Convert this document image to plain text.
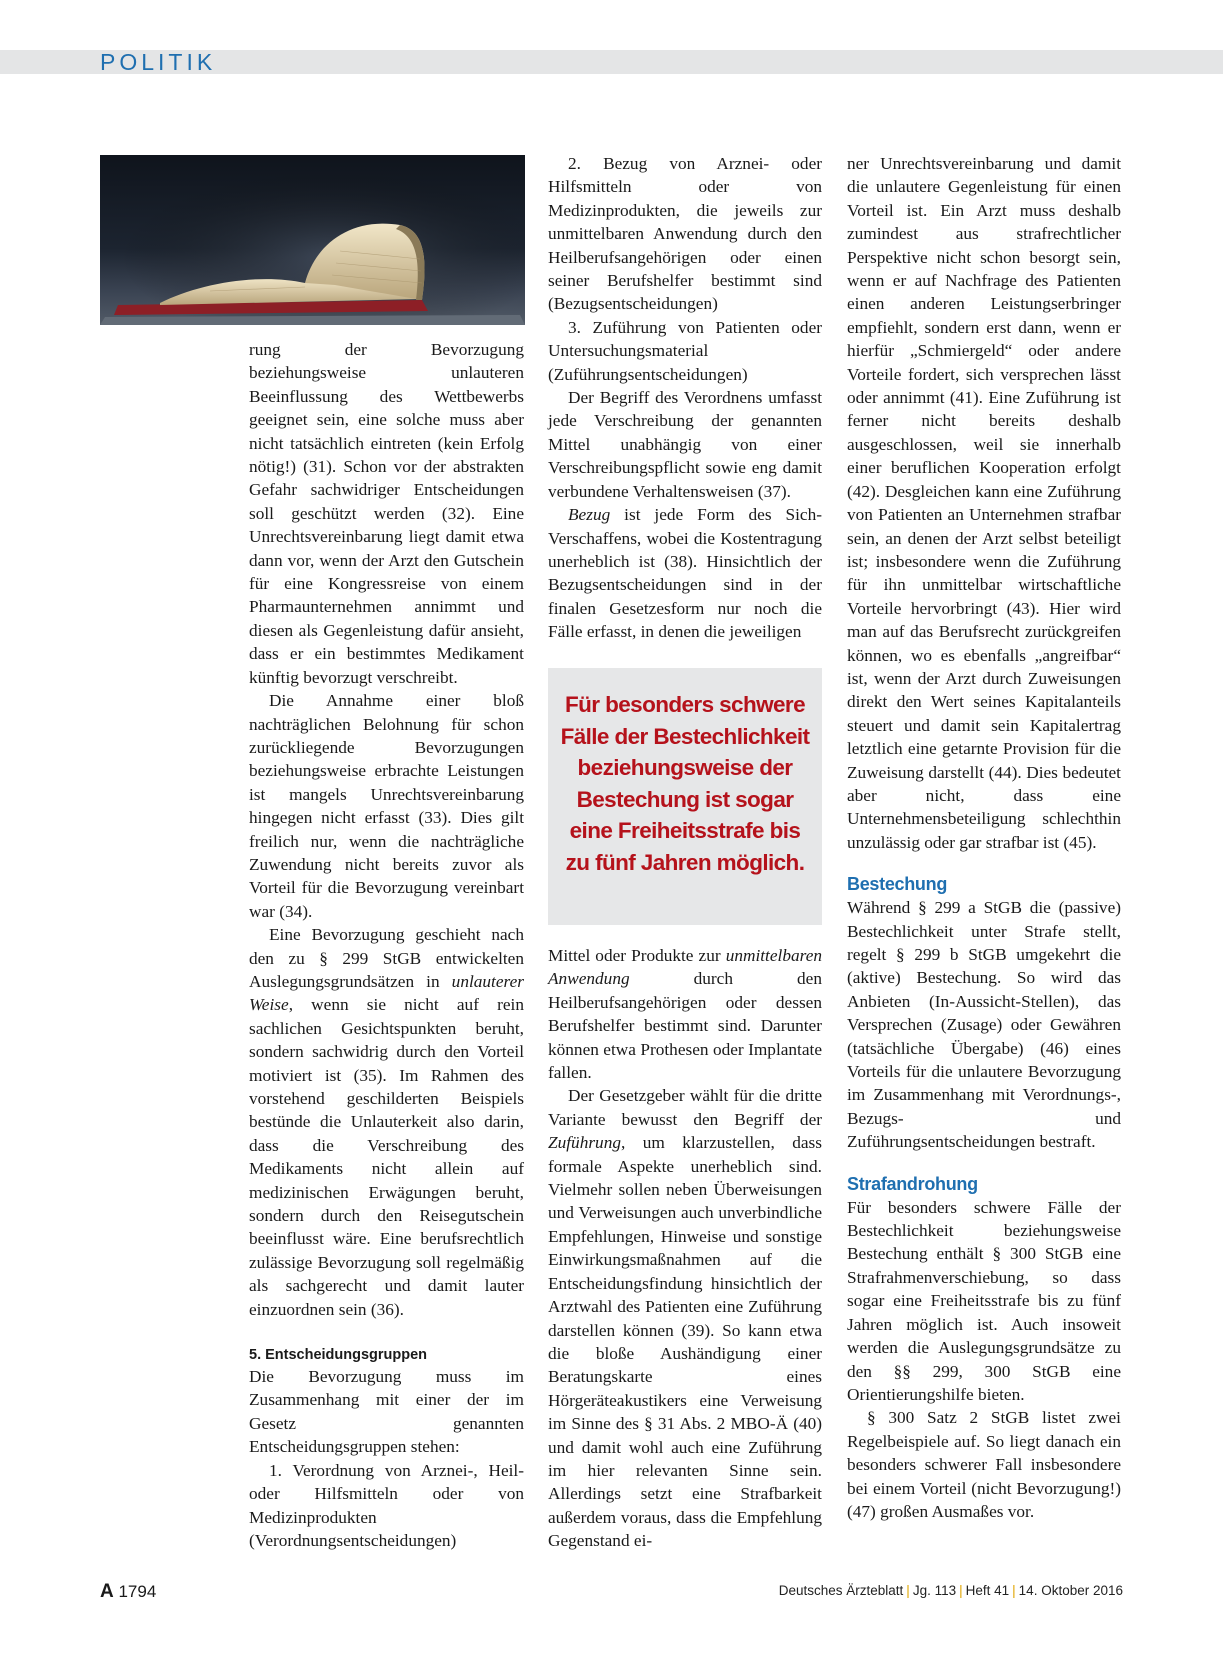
POLITIK

rung der Bevorzugung beziehungsweise unlauteren Beeinflussung des Wettbewerbs geeignet sein, eine solche muss aber nicht tatsächlich eintreten (kein Erfolg nötig!) (31). Schon vor der abstrakten Gefahr sachwidriger Entscheidungen soll geschützt werden (32). Eine Unrechtsvereinbarung liegt damit etwa dann vor, wenn der Arzt den Gutschein für eine Kongressreise von einem Pharmaunternehmen annimmt und diesen als Gegenleistung dafür ansieht, dass er ein bestimmtes Medikament künftig bevorzugt verschreibt.

Die Annahme einer bloß nachträglichen Belohnung für schon zurückliegende Bevorzugungen beziehungsweise erbrachte Leistungen ist mangels Unrechtsvereinbarung hingegen nicht erfasst (33). Dies gilt freilich nur, wenn die nachträgliche Zuwendung nicht bereits zuvor als Vorteil für die Bevorzugung vereinbart war (34).

Eine Bevorzugung geschieht nach den zu § 299 StGB entwickelten Auslegungsgrundsätzen in unlauterer Weise, wenn sie nicht auf rein sachlichen Gesichtspunkten beruht, sondern sachwidrig durch den Vorteil motiviert ist (35). Im Rahmen des vorstehend geschilderten Beispiels bestünde die Unlauterkeit also darin, dass die Verschreibung des Medikaments nicht allein auf medizinischen Erwägungen beruht, sondern durch den Reisegutschein beeinflusst wäre. Eine berufsrechtlich zulässige Bevorzugung soll regelmäßig als sachgerecht und damit lauter einzuordnen sein (36).

5. Entscheidungsgruppen

Die Bevorzugung muss im Zusammenhang mit einer der im Gesetz genannten Entscheidungsgruppen stehen:

1. Verordnung von Arznei-, Heil- oder Hilfsmitteln oder von Medizinprodukten (Verordnungsentscheidungen)

2. Bezug von Arznei- oder Hilfsmitteln oder von Medizinprodukten, die jeweils zur unmittelbaren Anwendung durch den Heilberufsangehörigen oder einen seiner Berufshelfer bestimmt sind (Bezugsentscheidungen)

3. Zuführung von Patienten oder Untersuchungsmaterial (Zuführungsentscheidungen)

Der Begriff des Verordnens umfasst jede Verschreibung der genannten Mittel unabhängig von einer Verschreibungspflicht sowie eng damit verbundene Verhaltensweisen (37).

Bezug ist jede Form des Sich-Verschaffens, wobei die Kostentragung unerheblich ist (38). Hinsichtlich der Bezugsentscheidungen sind in der finalen Gesetzesform nur noch die Fälle erfasst, in denen die jeweiligen

Für besonders schwere Fälle der Bestechlichkeit beziehungsweise der Bestechung ist sogar eine Freiheitsstrafe bis zu fünf Jahren möglich.

Mittel oder Produkte zur unmittelbaren Anwendung durch den Heilberufsangehörigen oder dessen Berufshelfer bestimmt sind. Darunter können etwa Prothesen oder Implantate fallen.

Der Gesetzgeber wählt für die dritte Variante bewusst den Begriff der Zuführung, um klarzustellen, dass formale Aspekte unerheblich sind. Vielmehr sollen neben Überweisungen und Verweisungen auch unverbindliche Empfehlungen, Hinweise und sonstige Einwirkungsmaßnahmen auf die Entscheidungsfindung hinsichtlich der Arztwahl des Patienten eine Zuführung darstellen können (39). So kann etwa die bloße Aushändigung einer Beratungskarte eines Hörgeräteakustikers eine Verweisung im Sinne des § 31 Abs. 2 MBO-Ä (40) und damit wohl auch eine Zuführung im hier relevanten Sinne sein. Allerdings setzt eine Strafbarkeit außerdem voraus, dass die Empfehlung Gegenstand ei-

ner Unrechtsvereinbarung und damit die unlautere Gegenleistung für einen Vorteil ist. Ein Arzt muss deshalb zumindest aus strafrechtlicher Perspektive nicht schon besorgt sein, wenn er auf Nachfrage des Patienten einen anderen Leistungserbringer empfiehlt, sondern erst dann, wenn er hierfür „Schmiergeld“ oder andere Vorteile fordert, sich versprechen lässt oder annimmt (41). Eine Zuführung ist ferner nicht bereits deshalb ausgeschlossen, weil sie innerhalb einer beruflichen Kooperation erfolgt (42). Desgleichen kann eine Zuführung von Patienten an Unternehmen strafbar sein, an denen der Arzt selbst beteiligt ist; insbesondere wenn die Zuführung für ihn unmittelbar wirtschaftliche Vorteile hervorbringt (43). Hier wird man auf das Berufsrecht zurückgreifen können, wo es ebenfalls „angreifbar“ ist, wenn der Arzt durch Zuweisungen direkt den Wert seines Kapitalanteils steuert und damit sein Kapitalertrag letztlich eine getarnte Provision für die Zuweisung darstellt (44). Dies bedeutet aber nicht, dass eine Unternehmensbeteiligung schlechthin unzulässig oder gar strafbar ist (45).

Bestechung

Während § 299 a StGB die (passive) Bestechlichkeit unter Strafe stellt, regelt § 299 b StGB umgekehrt die (aktive) Bestechung. So wird das Anbieten (In-Aussicht-Stellen), das Versprechen (Zusage) oder Gewähren (tatsächliche Übergabe) (46) eines Vorteils für die unlautere Bevorzugung im Zusammenhang mit Verordnungs-, Bezugs- und Zuführungsentscheidungen bestraft.

Strafandrohung

Für besonders schwere Fälle der Bestechlichkeit beziehungsweise Bestechung enthält § 300 StGB eine Strafrahmenverschiebung, so dass sogar eine Freiheitsstrafe bis zu fünf Jahren möglich ist. Auch insoweit werden die Auslegungsgrundsätze zu den §§ 299, 300 StGB eine Orientierungshilfe bieten.

§ 300 Satz 2 StGB listet zwei Regelbeispiele auf. So liegt danach ein besonders schwerer Fall insbesondere bei einem Vorteil (nicht Bevorzugung!) (47) großen Ausmaßes vor.

A 1794	Deutsches Ärzteblatt | Jg. 113 | Heft 41 | 14. Oktober 2016
